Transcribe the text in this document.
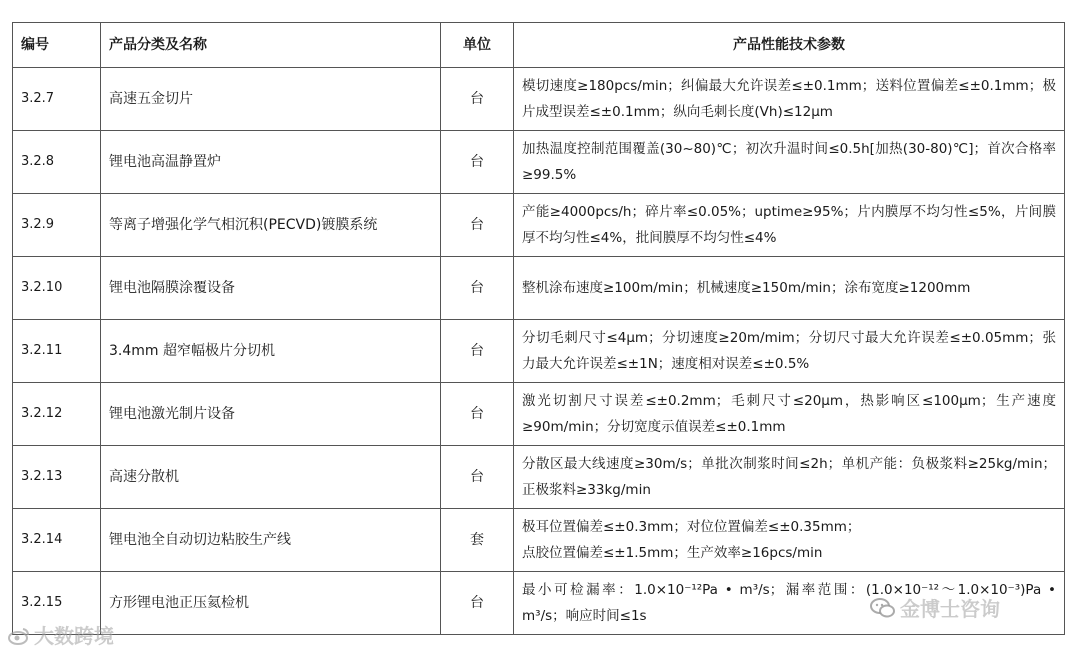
编号	产品分类及名称	单位	产品性能技术参数
3.2.7	高速五金切片	台	模切速度≥180pcs/min；纠偏最大允许误差≤±0.1mm；送料位置偏差≤±0.1mm；极片成型误差≤±0.1mm；纵向毛刺长度(Vh)≤12μm
3.2.8	锂电池高温静置炉	台	加热温度控制范围覆盖(30~80)℃；初次升温时间≤0.5h[加热(30-80)℃]；首次合格率≥99.5%
3.2.9	等离子增强化学气相沉积(PECVD)镀膜系统	台	产能≥4000pcs/h；碎片率≤0.05%；uptime≥95%；片内膜厚不均匀性≤5%，片间膜厚不均匀性≤4%，批间膜厚不均匀性≤4%
3.2.10	锂电池隔膜涂覆设备	台	整机涂布速度≥100m/min；机械速度≥150m/min；涂布宽度≥1200mm
3.2.11	3.4mm 超窄幅极片分切机	台	分切毛刺尺寸≤4μm；分切速度≥20m/mim；分切尺寸最大允许误差≤±0.05mm；张力最大允许误差≤±1N；速度相对误差≤±0.5%
3.2.12	锂电池激光制片设备	台	激光切割尺寸误差≤±0.2mm；毛刺尺寸≤20μm，热影响区≤100μm；生产速度≥90m/min；分切宽度示值误差≤±0.1mm
3.2.13	高速分散机	台	分散区最大线速度≥30m/s；单批次制浆时间≤2h；单机产能：负极浆料≥25kg/min；正极浆料≥33kg/min
3.2.14	锂电池全自动切边粘胶生产线	套	极耳位置偏差≤±0.3mm；对位位置偏差≤±0.35mm；
点胶位置偏差≤±1.5mm；生产效率≥16pcs/min
3.2.15	方形锂电池正压氦检机	台	最小可检漏率：1.0×10⁻¹²Pa • m³/s；漏率范围：(1.0×10⁻¹²～1.0×10⁻³)Pa • m³/s；响应时间≤1s
大数跨境
金博士咨询
